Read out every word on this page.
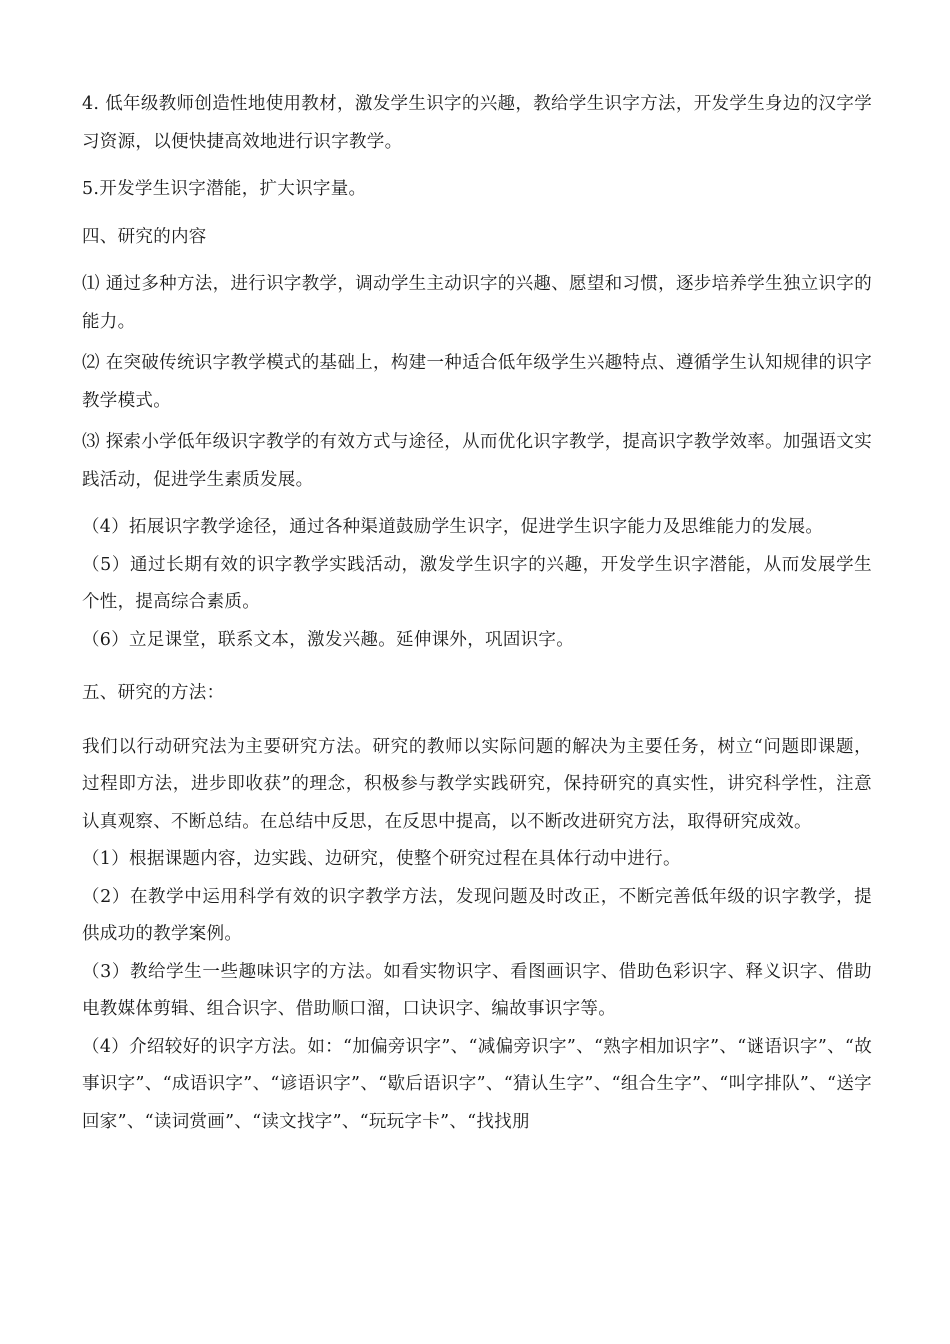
4. 低年级教师创造性地使用教材，激发学生识字的兴趣，教给学生识字方法，开发学生身边的汉字学习资源，以便快捷高效地进行识字教学。

5.开发学生识字潜能，扩大识字量。

四、研究的内容

⑴ 通过多种方法，进行识字教学，调动学生主动识字的兴趣、愿望和习惯，逐步培养学生独立识字的能力。

⑵ 在突破传统识字教学模式的基础上，构建一种适合低年级学生兴趣特点、遵循学生认知规律的识字教学模式。

⑶ 探索小学低年级识字教学的有效方式与途径，从而优化识字教学，提高识字教学效率。加强语文实践活动，促进学生素质发展。

（4）拓展识字教学途径，通过各种渠道鼓励学生识字，促进学生识字能力及思维能力的发展。

（5）通过长期有效的识字教学实践活动，激发学生识字的兴趣，开发学生识字潜能，从而发展学生个性，提高综合素质。

（6）立足课堂，联系文本，激发兴趣。延伸课外，巩固识字。

五、研究的方法：

我们以行动研究法为主要研究方法。研究的教师以实际问题的解决为主要任务，树立“问题即课题，过程即方法，进步即收获”的理念，积极参与教学实践研究，保持研究的真实性，讲究科学性，注意认真观察、不断总结。在总结中反思，在反思中提高，以不断改进研究方法，取得研究成效。

（1）根据课题内容，边实践、边研究，使整个研究过程在具体行动中进行。

（2）在教学中运用科学有效的识字教学方法，发现问题及时改正，不断完善低年级的识字教学，提供成功的教学案例。

（3）教给学生一些趣味识字的方法。如看实物识字、看图画识字、借助色彩识字、释义识字、借助电教媒体剪辑、组合识字、借助顺口溜，口诀识字、编故事识字等。

（4）介绍较好的识字方法。如：“加偏旁识字”、“减偏旁识字”、“熟字相加识字”、“谜语识字”、“故事识字”、“成语识字”、“谚语识字”、“歇后语识字”、“猜认生字”、“组合生字”、“叫字排队”、“送字回家”、“读词赏画”、“读文找字”、“玩玩字卡”、“找找朋
